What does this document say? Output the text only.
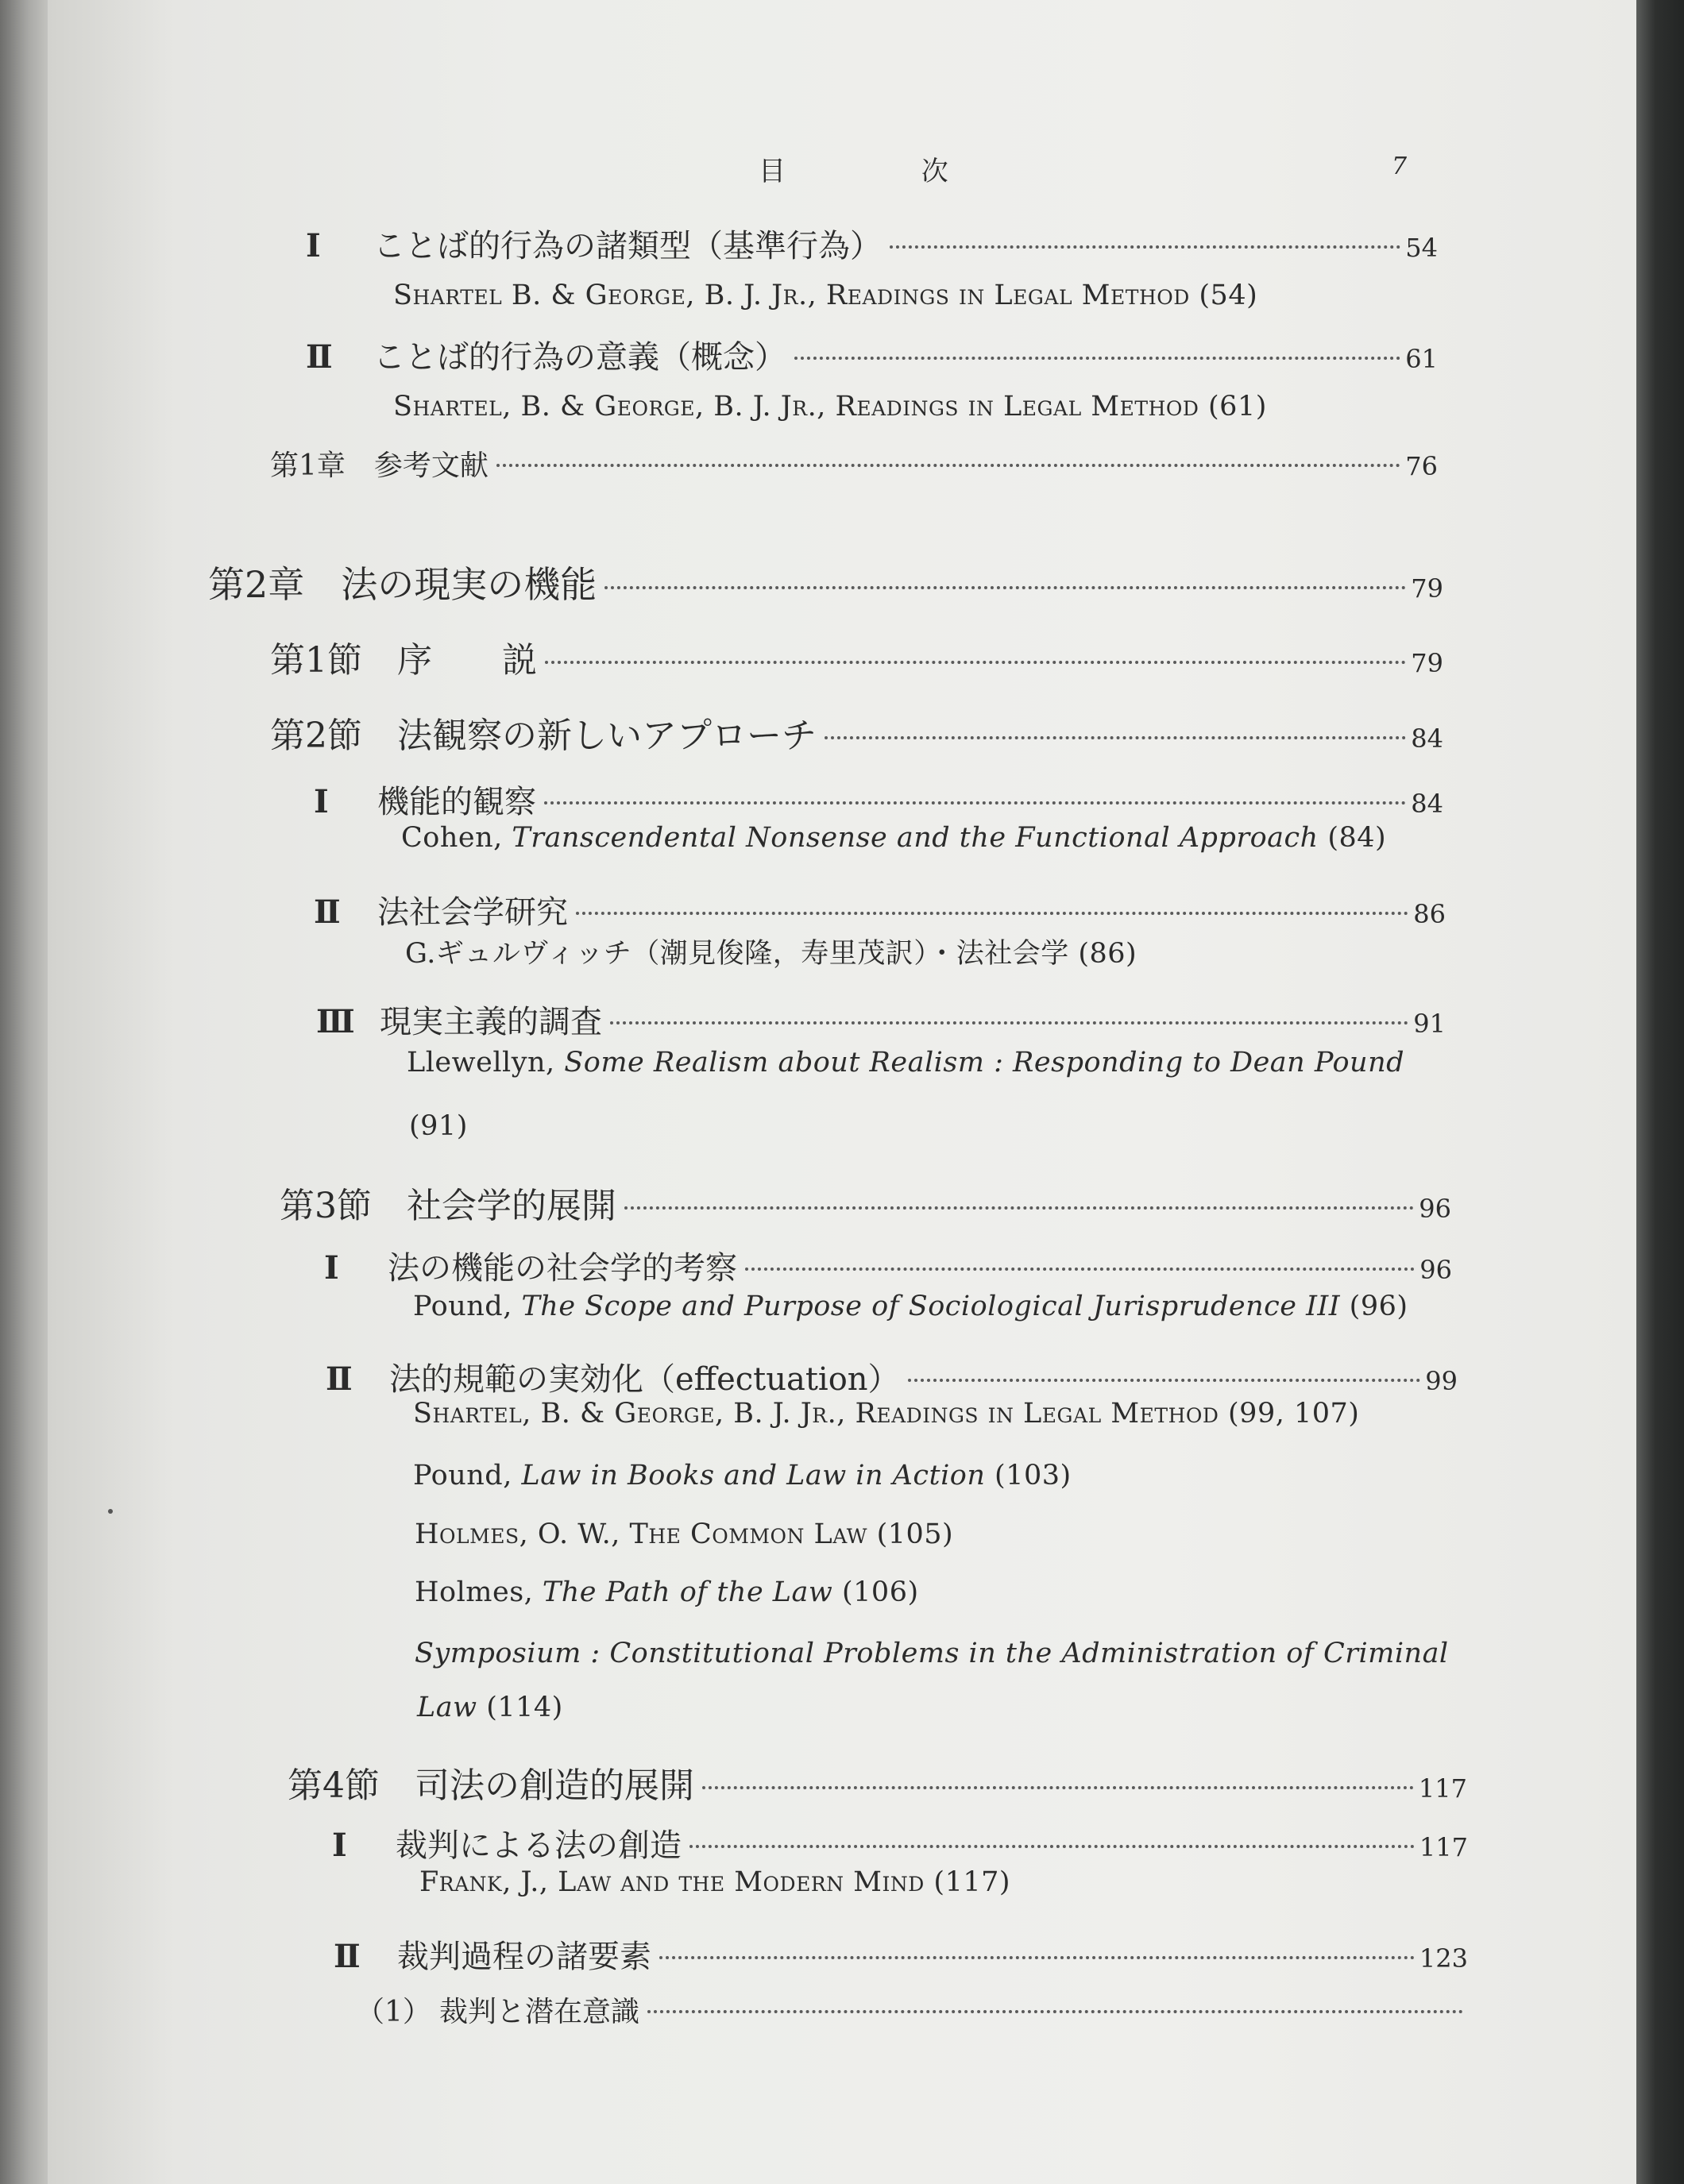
目 次	7
Ⅰ	ことば的行為の諸類型（基準行為）	54
Shartel B. & George, B. J. Jr., Readings in Legal Method (54)
Ⅱ	ことば的行為の意義（概念）	61
Shartel, B. & George, B. J. Jr., Readings in Legal Method (61)
第1章　参考文献	76
第2章　法の現実の機能	79
第1節　序　　説	79
第2節　法観察の新しいアプローチ	84
Ⅰ	機能的観察	84
Cohen, Transcendental Nonsense and the Functional Approach (84)
Ⅱ	法社会学研究	86
G.ギュルヴィッチ（潮見俊隆，寿里茂訳）・法社会学 (86)
Ⅲ 現実主義的調査	91
Llewellyn, Some Realism about Realism : Responding to Dean Pound
(91)
第3節　社会学的展開	96
Ⅰ	法の機能の社会学的考察	96
Pound, The Scope and Purpose of Sociological Jurisprudence III (96)
Ⅱ	法的規範の実効化（effectuation）	99
Shartel, B. & George, B. J. Jr., Readings in Legal Method (99, 107)
Pound, Law in Books and Law in Action (103)
Holmes, O. W., The Common Law (105)
Holmes, The Path of the Law (106)
Symposium : Constitutional Problems in the Administration of Criminal
Law (114)
第4節　司法の創造的展開	117
Ⅰ	裁判による法の創造	117
Frank, J., Law and the Modern Mind (117)
Ⅱ	裁判過程の諸要素	123
（1） 裁判と潜在意識
